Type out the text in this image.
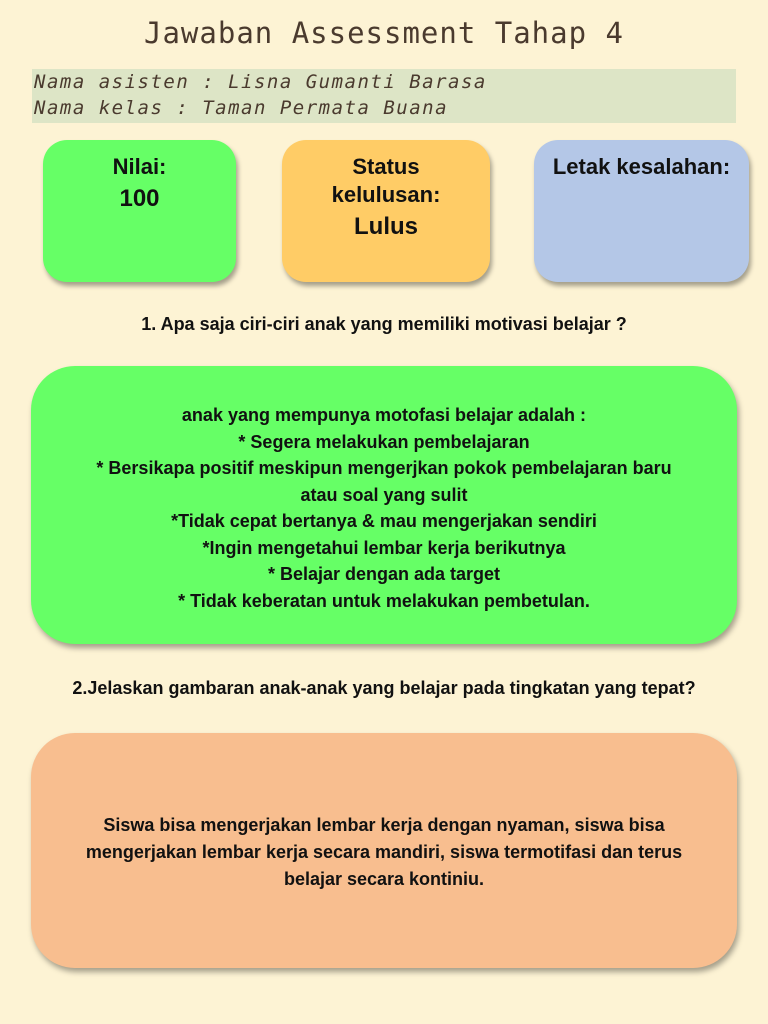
Jawaban Assessment Tahap 4
Nama asisten : Lisna Gumanti Barasa
Nama kelas : Taman Permata Buana
Nilai:
100
Status kelulusan:
Lulus
Letak kesalahan:
1. Apa saja ciri-ciri anak yang memiliki motivasi belajar ?
anak yang mempunya motofasi belajar adalah :
* Segera melakukan pembelajaran
* Bersikapa positif meskipun mengerjkan pokok pembelajaran baru
atau soal yang sulit
*Tidak cepat bertanya & mau mengerjakan sendiri
*Ingin mengetahui lembar kerja berikutnya
* Belajar dengan ada target
* Tidak keberatan untuk melakukan pembetulan.
2.Jelaskan gambaran anak-anak yang belajar pada tingkatan yang tepat?
Siswa bisa mengerjakan lembar kerja dengan nyaman, siswa bisa mengerjakan lembar kerja secara mandiri, siswa termotifasi dan terus belajar secara kontiniu.
